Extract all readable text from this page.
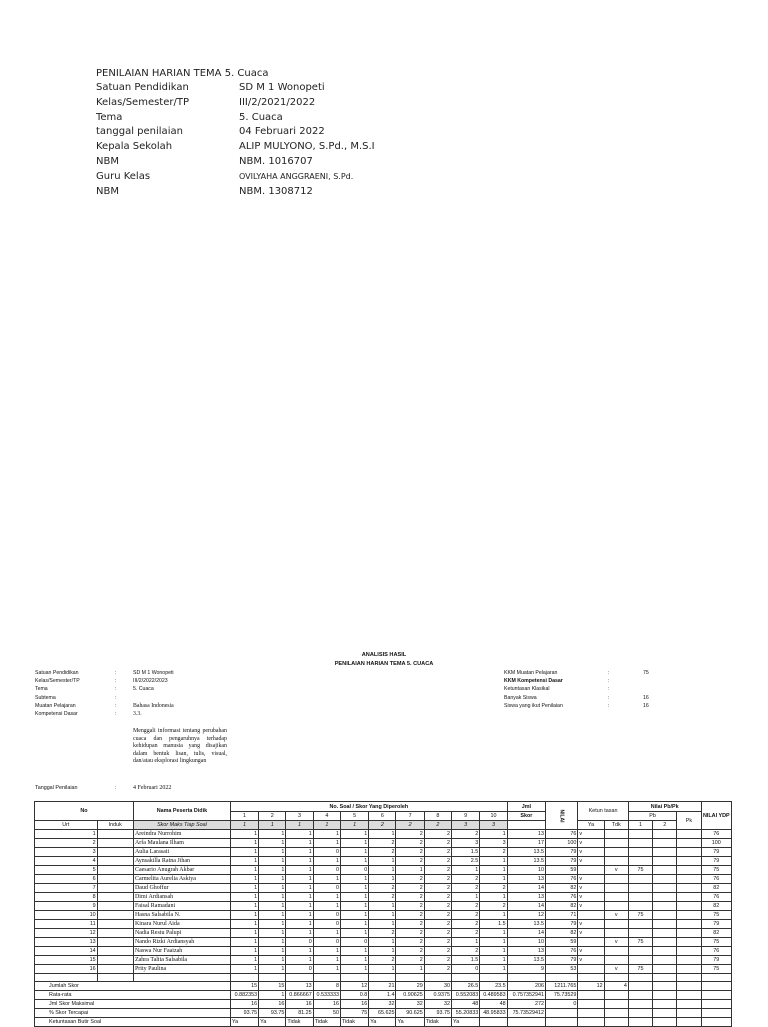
PENILAIAN HARIAN TEMA 5. Cuaca
Satuan Pendidikan	SD M 1 Wonopeti
Kelas/Semester/TP	III/2/2021/2022
Tema	5. Cuaca
tanggal penilaian	04 Februari 2022
Kepala Sekolah	ALIP MULYONO, S.Pd., M.S.I
NBM	NBM. 1016707
Guru Kelas	OVILYAHA ANGGRAENI, S.Pd.
NBM	NBM. 1308712
ANALISIS HASIL
PENILAIAN HARIAN TEMA 5. CUACA
Satuan Pendidikan	:	SD M 1 Wonopeti
Kelas/Semester/TP	:	III/2/2022/2023
Tema	:	5. Cuaca
Subtema	:
Muatan Pelajaran	:	Bahasa Indonesia
Kompetensi Dasar	:	3.3.
Menggali informasi tentang perubahan cuaca dan pengaruhnya terhadap kehidupan manusia yang disajikan dalam bentuk lisan, tulis, visual, dan/atau eksplorasi lingkungan
KKM Muatan Pelajaran	:	75
KKM Kompetensi Dasar	:
Ketuntasan Klasikal	:
Banyak Siswa	:	16
Siswa yang ikut Penilaian	:	16
Tanggal Penilaian	:	4 Februari 2022
No		Nama Peserta Didik	No. Soal / Skor Yang Diperoleh										Jml	NILAI	Ketun tasan		Nilai Pb/Pk			NILAI YDP
			1	2	3	4	5	6	7	8	9	10	Skor				Pb		Pk	
Urt	Induk	Skor Maks Tiap Soal	1	1	1	1	1	2	2	2	3	3			Ya	Tdk	1	2		
1		Areindra Nurrohim	1	1	1	1	1	1	2	2	2	1	13	76	v					76
2		Arfa Maulana Ilham	1	1	1	1	1	2	2	2	3	3	17	100	v					100
3		Aulia Larasati	1	1	1	0	1	2	2	2	1.5	2	13.5	79	v					79
4		Aynsakilla Ratna Jihan	1	1	1	1	1	1	2	2	2.5	1	13.5	79	v					79
5		Caesario Anugrah Akbar	1	1	1	0	0	1	1	2	1	1	10	59		v	75			75
6		Carmelita Aurelia Askiya	1	1	1	1	1	1	2	2	2	1	13	76	v					76
7		Daud Ghoffur	1	1	1	0	1	2	2	2	2	2	14	82	v					82
8		Dimi Ardiansah	1	1	1	1	1	2	2	2	1	1	13	76	v					76
9		Faisal Ramadani	1	1	1	1	1	1	2	2	2	2	14	82	v					82
10		Hasna Salsabila N.	1	1	1	0	1	1	2	2	2	1	12	71		v	75			75
11		Kinara Nurul Aida	1	1	1	0	1	1	2	2	2	1.5	13.5	79	v					79
12		Nadia Restu Palupi	1	1	1	1	1	2	2	2	2	1	14	82	v					82
13		Nando Rizki Ardiansyah	1	1	0	0	0	1	2	2	1	1	10	59		v	75			75
14		Naswa Nur Faaizah	1	1	1	1	1	1	2	2	2	1	13	76	v					76
15		Zahra Talita Salsabila	1	1	1	1	1	2	2	2	1.5	1	13.5	79	v					79
16		Prity Paulina	1	1	0	1	1	1	1	2	0	1	9	53		v	75			75

Jumlah Skor			15	15	13	8	12	21	29	30	26.5	23.5	206	1211.765	12	4				
Rata-rata			0.882353	1	0.866667	0.533333	0.8	1.4	0.90625	0.9375	0.552083	0.489583	0.757352941	75.73529						
Jml Skor Maksimal			16	16	16	16	16	32	32	32	48	48	272	0						
% Skor Tercapai			93.75	93.75	81.25	50	75	65.625	90.625	93.75	55.20833	48.95833	75.73529412							
Ketuntasan Butir Soal			Ya	Ya	Tidak	Tidak	Tidak	Ya	Ya	Tidak	Ya									
